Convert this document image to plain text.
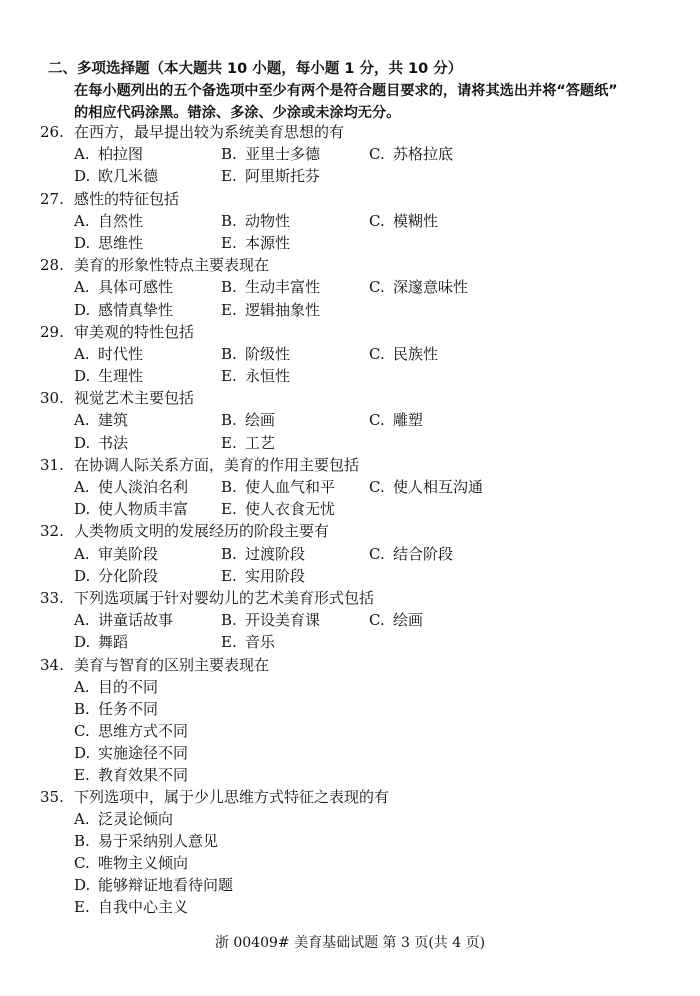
二、多项选择题（本大题共 10 小题，每小题 1 分，共 10 分）
在每小题列出的五个备选项中至少有两个是符合题目要求的，请将其选出并将“答题纸”
的相应代码涂黑。错涂、多涂、少涂或未涂均无分。
26. 在西方，最早提出较为系统美育思想的有
A. 柏拉图	B. 亚里士多德	C. 苏格拉底
D. 欧几米德	E. 阿里斯托芬
27. 感性的特征包括
A. 自然性	B. 动物性	C. 模糊性
D. 思维性	E. 本源性
28. 美育的形象性特点主要表现在
A. 具体可感性	B. 生动丰富性	C. 深邃意味性
D. 感情真挚性	E. 逻辑抽象性
29. 审美观的特性包括
A. 时代性	B. 阶级性	C. 民族性
D. 生理性	E. 永恒性
30. 视觉艺术主要包括
A. 建筑	B. 绘画	C. 雕塑
D. 书法	E. 工艺
31. 在协调人际关系方面，美育的作用主要包括
A. 使人淡泊名利 B. 使人血气和平 C. 使人相互沟通
D. 使人物质丰富 E. 使人衣食无忧
32. 人类物质文明的发展经历的阶段主要有
A. 审美阶段	B. 过渡阶段	C. 结合阶段
D. 分化阶段	E. 实用阶段
33. 下列选项属于针对婴幼儿的艺术美育形式包括
A. 讲童话故事	B. 开设美育课	C. 绘画
D. 舞蹈	E. 音乐
34. 美育与智育的区别主要表现在
A. 目的不同
B. 任务不同
C. 思维方式不同
D. 实施途径不同
E. 教育效果不同
35. 下列选项中，属于少儿思维方式特征之表现的有
A. 泛灵论倾向
B. 易于采纳别人意见
C. 唯物主义倾向
D. 能够辩证地看待问题
E. 自我中心主义
浙 00409# 美育基础试题 第 3 页(共 4 页)
